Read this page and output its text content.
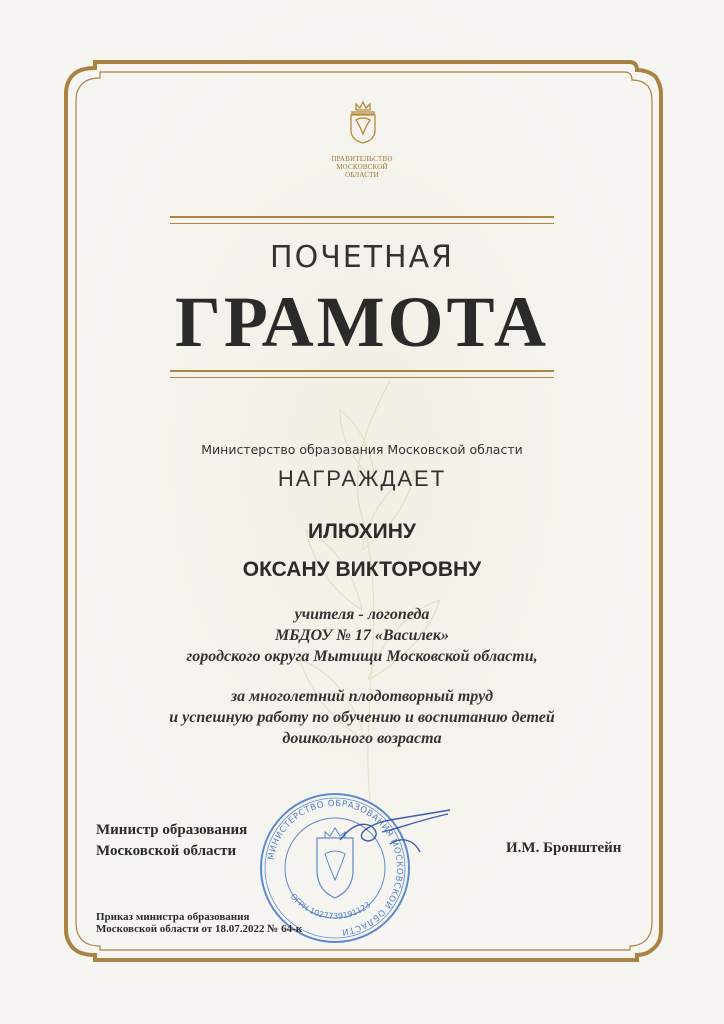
ПРАВИТЕЛЬСТВО
МОСКОВСКОЙ
ОБЛАСТИ
ПОЧЕТНАЯ
ГРАМОТА
Министерство образования Московской области
НАГРАЖДАЕТ
ИЛЮХИНУ
ОКСАНУ ВИКТОРОВНУ
учителя - логопеда
МБДОУ № 17 «Василек»
городского округа Мытищи Московской области,
за многолетний плодотворный труд
и успешную работу по обучению и воспитанию детей
дошкольного возраста
Министр образования
Московской области	И.М. Бронштейн
МИНИСТЕРСТВО ОБРАЗОВАНИЯ МОСКОВСКОЙ ОБЛАСТИ
ОГРН 1027739191123
Приказ министра образования
Московской области от 18.07.2022 № 64-к
